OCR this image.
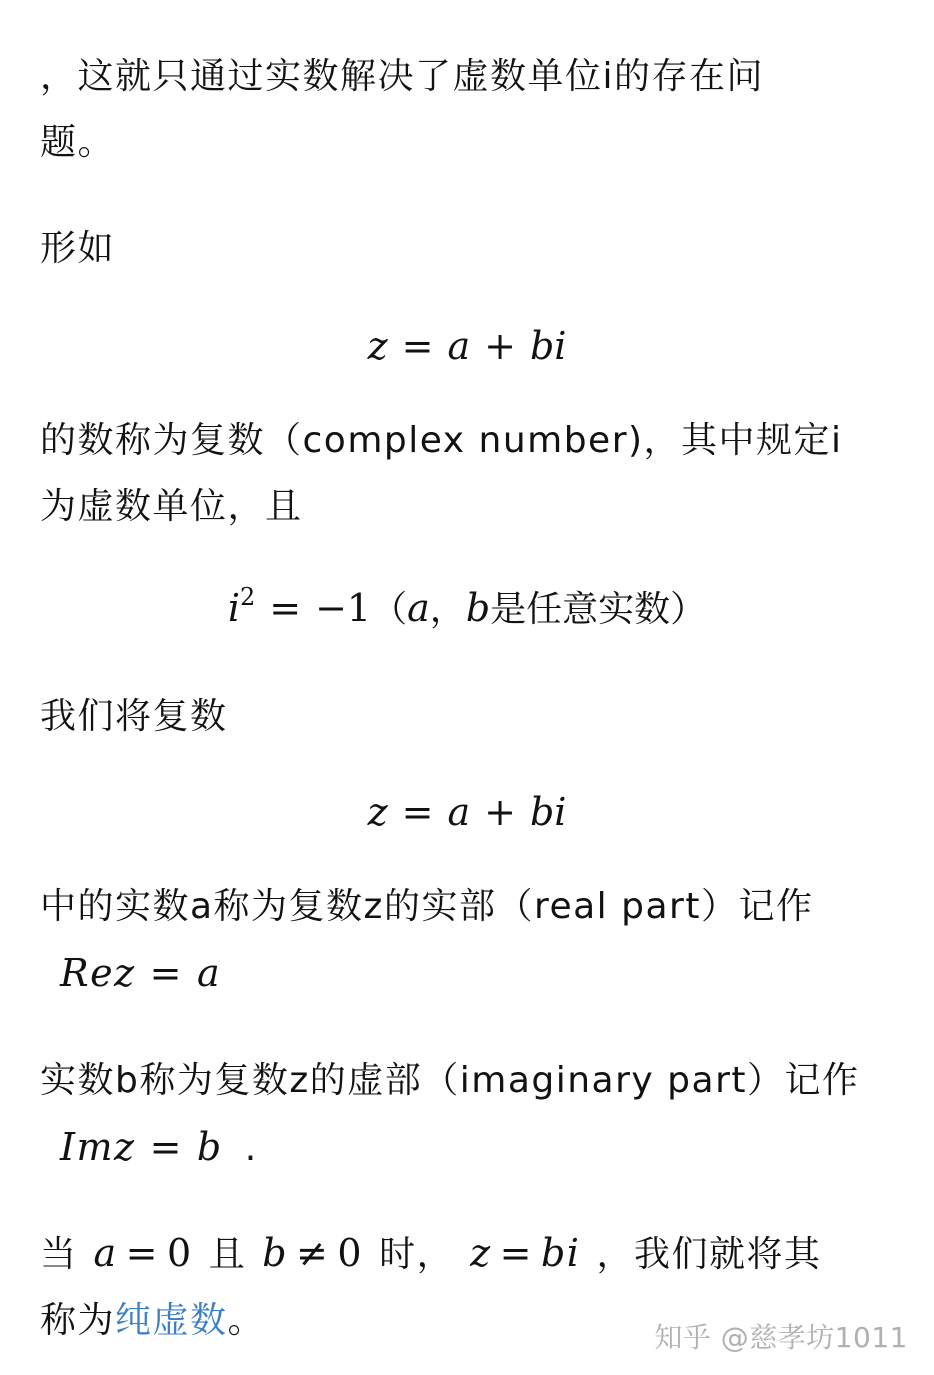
，这就只通过实数解决了虚数单位i的存在问
题。
形如
z = a + bi
的数称为复数（complex number)，其中规定i
为虚数单位，且
$i^2 = -1(a$，b是任意实数）
我们将复数
z = a + bi
中的实数a称为复数z的实部（real part）记作
Rez = a
实数b称为复数z的虚部（imaginary part）记作
Imz = b .
当 a = 0 且 b ≠ 0 时， z = bi ，我们就将其
称为纯虚数。	知乎 @慈孝坊1011
